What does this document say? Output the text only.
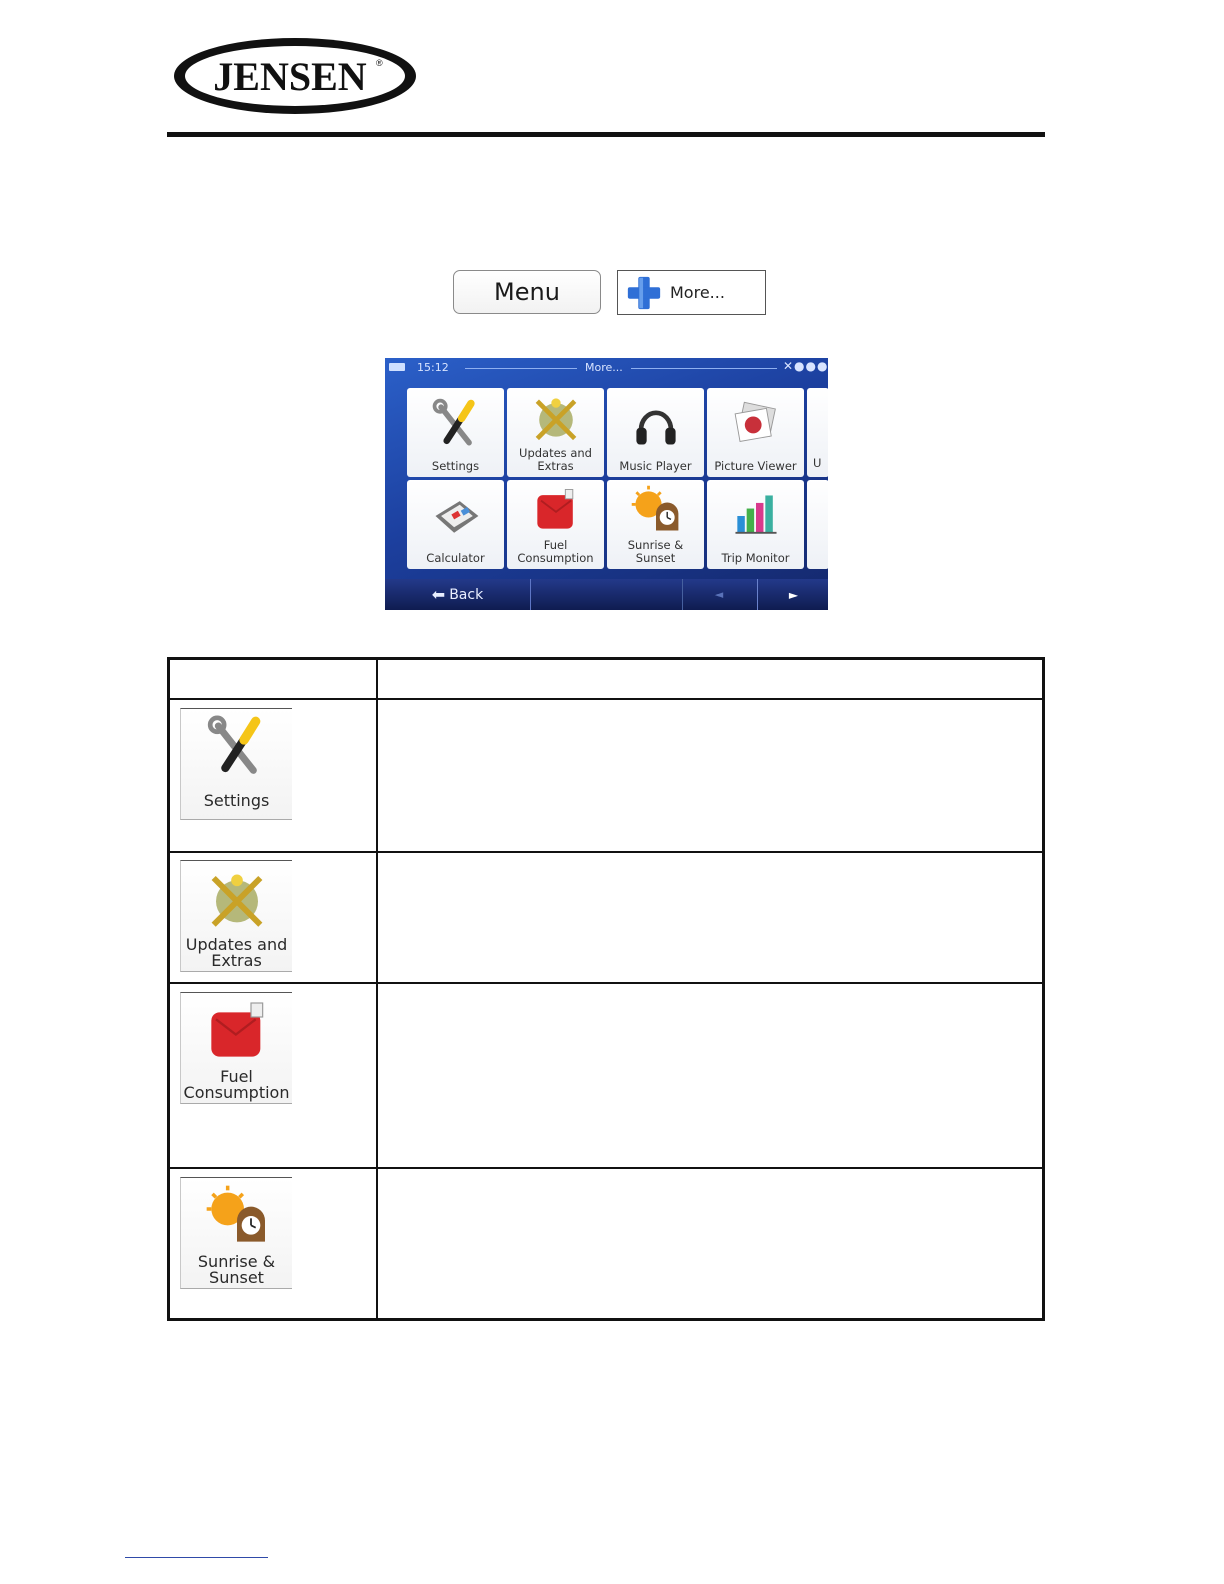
JENSEN ®
Menu	More...
15:12	More...	✕●●●
Settings
Updates and Extras	Music Player Picture Viewer U
Calculator
Fuel Consumption
Sunrise & Sunset	Trip Monitor
⬅ Back	◄	►
Settings
Updates and
Extras
Fuel
Consumption
Sunrise &
Sunset
